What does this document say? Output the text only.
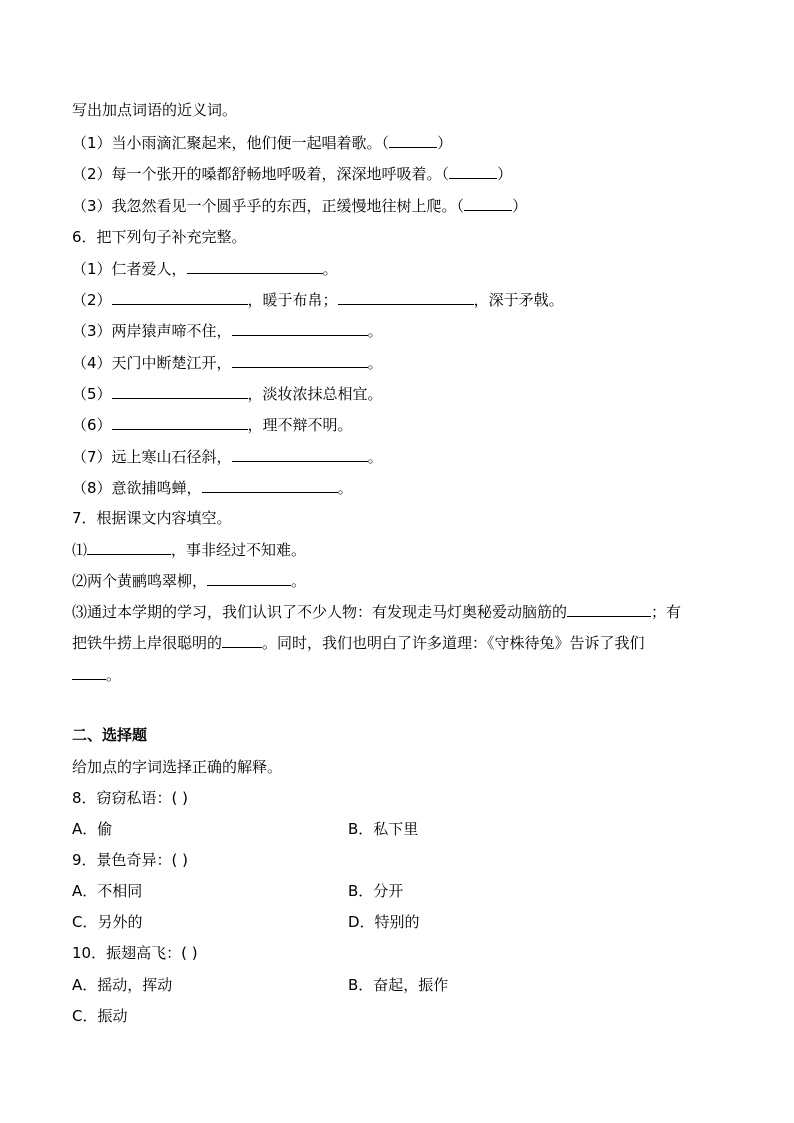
写出加点词语的近义词。
（1）当小雨滴汇聚起来，他们便一起唱着歌。（	）
（2）每一个张开的嗓都舒畅地呼吸着，深深地呼吸着。（	）
（3）我忽然看见一个圆乎乎的东西，正缓慢地往树上爬。（	）
6．把下列句子补充完整。
（1）仁者爱人，	。
（2）	，暖于布帛；	，深于矛戟。
（3）两岸猿声啼不住，	。
（4）天门中断楚江开，	。
（5）	，淡妆浓抹总相宜。
（6）	，理不辩不明。
（7）远上寒山石径斜，	。
（8）意欲捕鸣蝉，	。
7．根据课文内容填空。
⑴	，事非经过不知难。
⑵两个黄鹂鸣翠柳，	。
⑶通过本学期的学习，我们认识了不少人物：有发现走马灯奥秘爱动脑筋的	；有
把铁牛捞上岸很聪明的	。同时，我们也明白了许多道理：《守株待兔》告诉了我们
。
二、选择题
给加点的字词选择正确的解释。
8．窃窃私语：( )
A．偷	B．私下里
9．景色奇异：( )
A．不相同	B．分开
C．另外的	D．特别的
10．振翅高飞：( )
A．摇动，挥动	B．奋起，振作
C．振动
